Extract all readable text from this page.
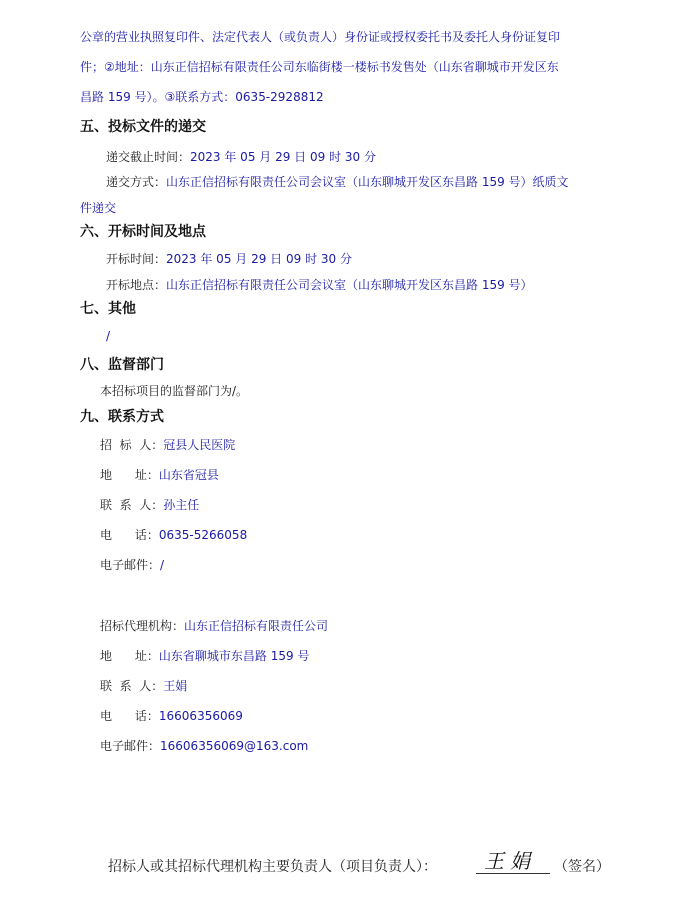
公章的营业执照复印件、法定代表人（或负责人）身份证或授权委托书及委托人身份证复印
件；②地址：山东正信招标有限责任公司东临街楼一楼标书发售处（山东省聊城市开发区东
昌路 159 号）。③联系方式：0635-2928812
五、投标文件的递交
递交截止时间：2023 年 05 月 29 日 09 时 30 分
递交方式：山东正信招标有限责任公司会议室（山东聊城开发区东昌路 159 号）纸质文
件递交
六、开标时间及地点
开标时间：2023 年 05 月 29 日 09 时 30 分
开标地点：山东正信招标有限责任公司会议室（山东聊城开发区东昌路 159 号）
七、其他
/
八、监督部门
本招标项目的监督部门为/。
九、联系方式
招  标  人：冠县人民医院
地      址：山东省冠县
联  系  人：孙主任
电      话：0635-5266058
电子邮件：/
招标代理机构：山东正信招标有限责任公司
地      址：山东省聊城市东昌路 159 号
联  系  人：王娟
电      话：16606356069
电子邮件：16606356069@163.com
招标人或其招标代理机构主要负责人（项目负责人）： 王娟 （签名）
